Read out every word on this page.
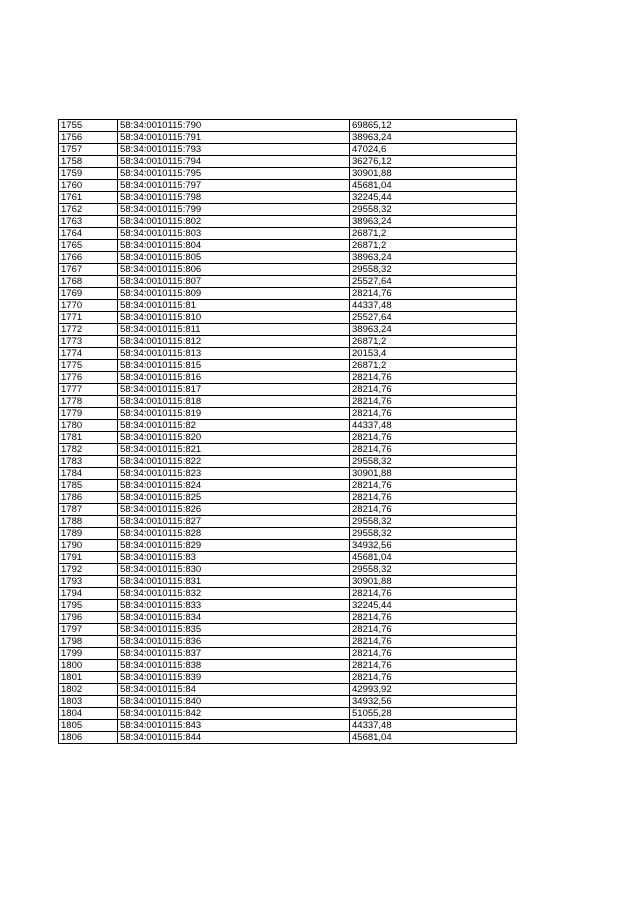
1755	58:34:0010115:790	69865,12
1756	58:34:0010115:791	38963,24
1757	58:34:0010115:793	47024,6
1758	58:34:0010115:794	36276,12
1759	58:34:0010115:795	30901,88
1760	58:34:0010115:797	45681,04
1761	58:34:0010115:798	32245,44
1762	58:34:0010115:799	29558,32
1763	58:34:0010115:802	38963,24
1764	58:34:0010115:803	26871,2
1765	58:34:0010115:804	26871,2
1766	58:34:0010115:805	38963,24
1767	58:34:0010115:806	29558,32
1768	58:34:0010115:807	25527,64
1769	58:34:0010115:809	28214,76
1770	58:34:0010115:81	44337,48
1771	58:34:0010115:810	25527,64
1772	58:34:0010115:811	38963,24
1773	58:34:0010115:812	26871,2
1774	58:34:0010115:813	20153,4
1775	58:34:0010115:815	26871,2
1776	58:34:0010115:816	28214,76
1777	58:34:0010115:817	28214,76
1778	58:34:0010115:818	28214,76
1779	58:34:0010115:819	28214,76
1780	58:34:0010115:82	44337,48
1781	58:34:0010115:820	28214,76
1782	58:34:0010115:821	28214,76
1783	58:34:0010115:822	29558,32
1784	58:34:0010115:823	30901,88
1785	58:34:0010115:824	28214,76
1786	58:34:0010115:825	28214,76
1787	58:34:0010115:826	28214,76
1788	58:34:0010115:827	29558,32
1789	58:34:0010115:828	29558,32
1790	58:34:0010115:829	34932,56
1791	58:34:0010115:83	45681,04
1792	58:34:0010115:830	29558,32
1793	58:34:0010115:831	30901,88
1794	58:34:0010115:832	28214,76
1795	58:34:0010115:833	32245,44
1796	58:34:0010115:834	28214,76
1797	58:34:0010115:835	28214,76
1798	58:34:0010115:836	28214,76
1799	58:34:0010115:837	28214,76
1800	58:34:0010115:838	28214,76
1801	58:34:0010115:839	28214,76
1802	58:34:0010115:84	42993,92
1803	58:34:0010115:840	34932,56
1804	58:34:0010115:842	51055,28
1805	58:34:0010115:843	44337,48
1806	58:34:0010115:844	45681,04
